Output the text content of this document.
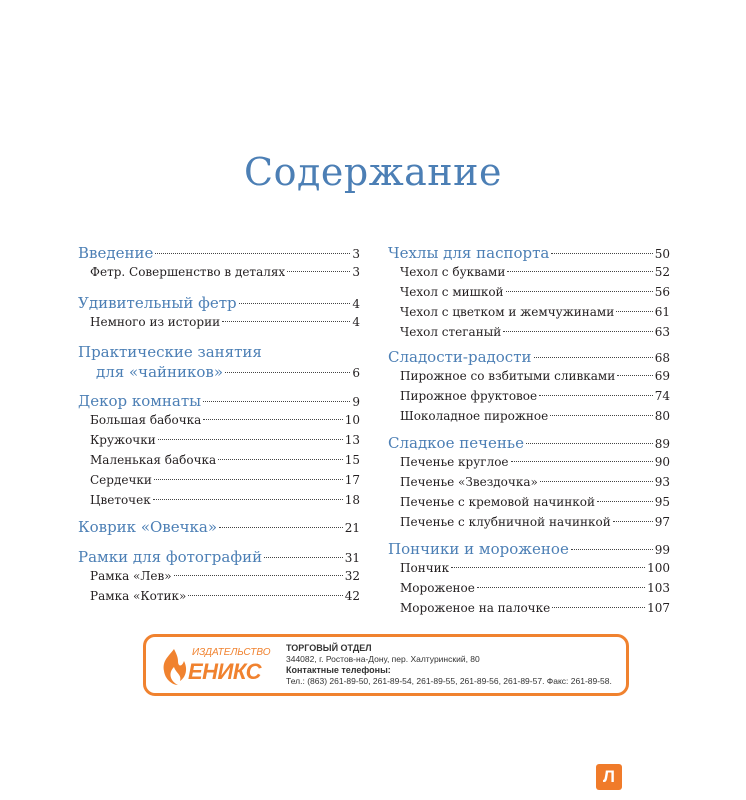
Содержание
Введение	3
Фетр. Совершенство в деталях	3
Удивительный фетр	4
Немного из истории	4
Практические занятия
для «чайников»	6
Декор комнаты	9
Большая бабочка	10
Кружочки	13
Маленькая бабочка	15
Сердечки	17
Цветочек	18
Коврик «Овечка»	21
Рамки для фотографий	31
Рамка «Лев»	32
Рамка «Котик»	42
Чехлы для паспорта	50
Чехол с буквами	52
Чехол с мишкой	56
Чехол с цветком и жемчужинами	61
Чехол стеганый	63
Сладости-радости	68
Пирожное со взбитыми сливками	69
Пирожное фруктовое	74
Шоколадное пирожное	80
Сладкое печенье	89
Печенье круглое	90
Печенье «Звездочка»	93
Печенье с кремовой начинкой	95
Печенье с клубничной начинкой	97
Пончики и мороженое	99
Пончик	100
Мороженое	103
Мороженое на палочке	107
ИЗДАТЕЛЬСТВО
ЕНИКС
ТОРГОВЫЙ ОТДЕЛ
344082, г. Ростов-на-Дону, пер. Халтуринский, 80
Контактные телефоны:
Тел.: (863) 261-89-50, 261-89-54, 261-89-55, 261-89-56, 261-89-57. Факс: 261-89-58.
Л
